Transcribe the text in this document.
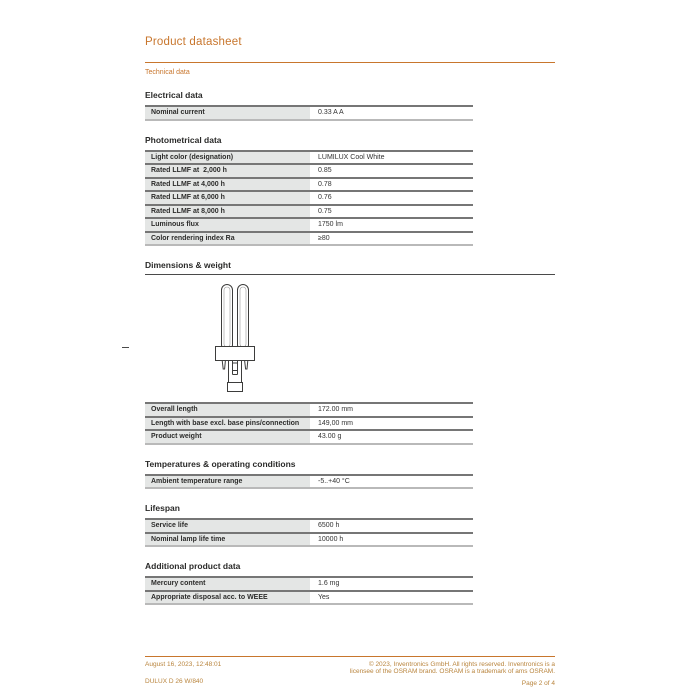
Product datasheet
Technical data
Electrical data
Nominal current	0.33 A A
Photometrical data
Light color (designation)	LUMILUX Cool White
Rated LLMF at  2,000 h	0.85
Rated LLMF at 4,000 h	0.78
Rated LLMF at 6,000 h	0.76
Rated LLMF at 8,000 h	0.75
Luminous flux	1750 lm
Color rendering index Ra	≥80
Dimensions & weight
Overall length	172.00 mm
Length with base excl. base pins/connection	149,00 mm
Product weight	43.00 g
Temperatures & operating conditions
Ambient temperature range	-5..+40 °C
Lifespan
Service life	6500 h
Nominal lamp life time	10000 h
Additional product data
Mercury content	1.6 mg
Appropriate disposal acc. to WEEE	Yes
August 16, 2023, 12:48:01
DULUX D 26 W/840
© 2023, Inventronics GmbH. All rights reserved. Inventronics is a
licensee of the OSRAM brand. OSRAM is a trademark of ams OSRAM.
Page 2 of 4
